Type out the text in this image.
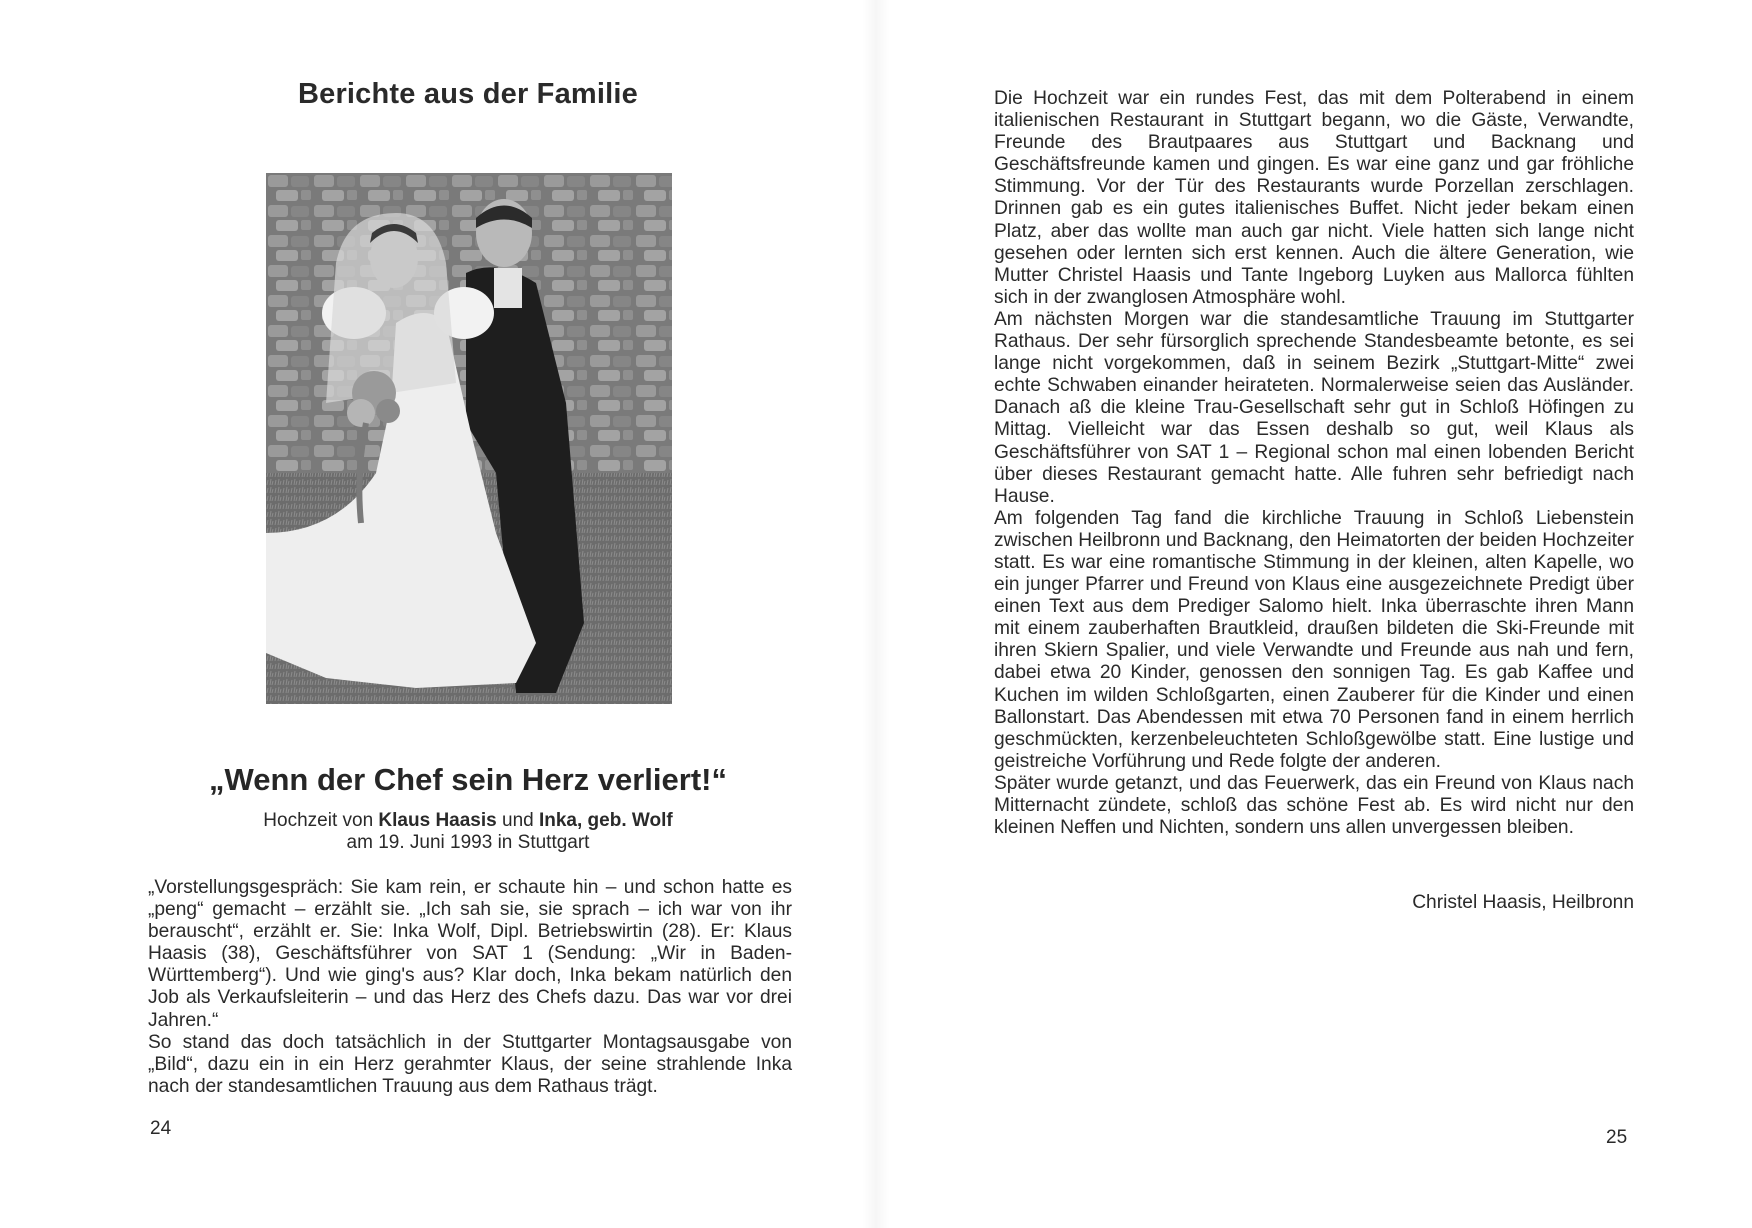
Berichte aus der Familie
„Wenn der Chef sein Herz verliert!“
Hochzeit von Klaus Haasis und Inka, geb. Wolf
am 19. Juni 1993 in Stuttgart

„Vorstellungsgespräch: Sie kam rein, er schaute hin – und schon hatte es „peng“ gemacht – erzählt sie. „Ich sah sie, sie sprach – ich war von ihr berauscht“, erzählt er. Sie: Inka Wolf, Dipl. Betriebswirtin (28). Er: Klaus Haasis (38), Geschäftsführer von SAT 1 (Sendung: „Wir in Baden-Württemberg“). Und wie ging's aus? Klar doch, Inka bekam natürlich den Job als Verkaufsleiterin – und das Herz des Chefs dazu. Das war vor drei Jahren.“

So stand das doch tatsächlich in der Stuttgarter Montagsausgabe von „Bild“, dazu ein in ein Herz gerahmter Klaus, der seine strahlende Inka nach der standesamtlichen Trauung aus dem Rathaus trägt.

24

Die Hochzeit war ein rundes Fest, das mit dem Polterabend in einem italienischen Restaurant in Stuttgart begann, wo die Gäste, Verwandte, Freunde des Brautpaares aus Stuttgart und Backnang und Geschäftsfreunde kamen und gingen. Es war eine ganz und gar fröhliche Stimmung. Vor der Tür des Restaurants wurde Porzellan zerschlagen. Drinnen gab es ein gutes italienisches Buffet. Nicht jeder bekam einen Platz, aber das wollte man auch gar nicht. Viele hatten sich lange nicht gesehen oder lernten sich erst kennen. Auch die ältere Generation, wie Mutter Christel Haasis und Tante Ingeborg Luyken aus Mallorca fühlten sich in der zwanglosen Atmosphäre wohl.

Am nächsten Morgen war die standesamtliche Trauung im Stuttgarter Rathaus. Der sehr fürsorglich sprechende Standesbeamte betonte, es sei lange nicht vorgekommen, daß in seinem Bezirk „Stuttgart-Mitte“ zwei echte Schwaben einander heirateten. Normalerweise seien das Ausländer. Danach aß die kleine Trau-Gesellschaft sehr gut in Schloß Höfingen zu Mittag. Vielleicht war das Essen deshalb so gut, weil Klaus als Geschäftsführer von SAT 1 – Regional schon mal einen lobenden Bericht über dieses Restaurant gemacht hatte. Alle fuhren sehr befriedigt nach Hause.

Am folgenden Tag fand die kirchliche Trauung in Schloß Liebenstein zwischen Heilbronn und Backnang, den Heimatorten der beiden Hochzeiter statt. Es war eine romantische Stimmung in der kleinen, alten Kapelle, wo ein junger Pfarrer und Freund von Klaus eine ausgezeichnete Predigt über einen Text aus dem Prediger Salomo hielt. Inka überraschte ihren Mann mit einem zauberhaften Brautkleid, draußen bildeten die Ski-Freunde mit ihren Skiern Spalier, und viele Verwandte und Freunde aus nah und fern, dabei etwa 20 Kinder, genossen den sonnigen Tag. Es gab Kaffee und Kuchen im wilden Schloßgarten, einen Zauberer für die Kinder und einen Ballonstart. Das Abendessen mit etwa 70 Personen fand in einem herrlich geschmückten, kerzenbeleuchteten Schloßgewölbe statt. Eine lustige und geistreiche Vorführung und Rede folgte der anderen.

Später wurde getanzt, und das Feuerwerk, das ein Freund von Klaus nach Mitternacht zündete, schloß das schöne Fest ab. Es wird nicht nur den kleinen Neffen und Nichten, sondern uns allen unvergessen bleiben.

Christel Haasis, Heilbronn
25
